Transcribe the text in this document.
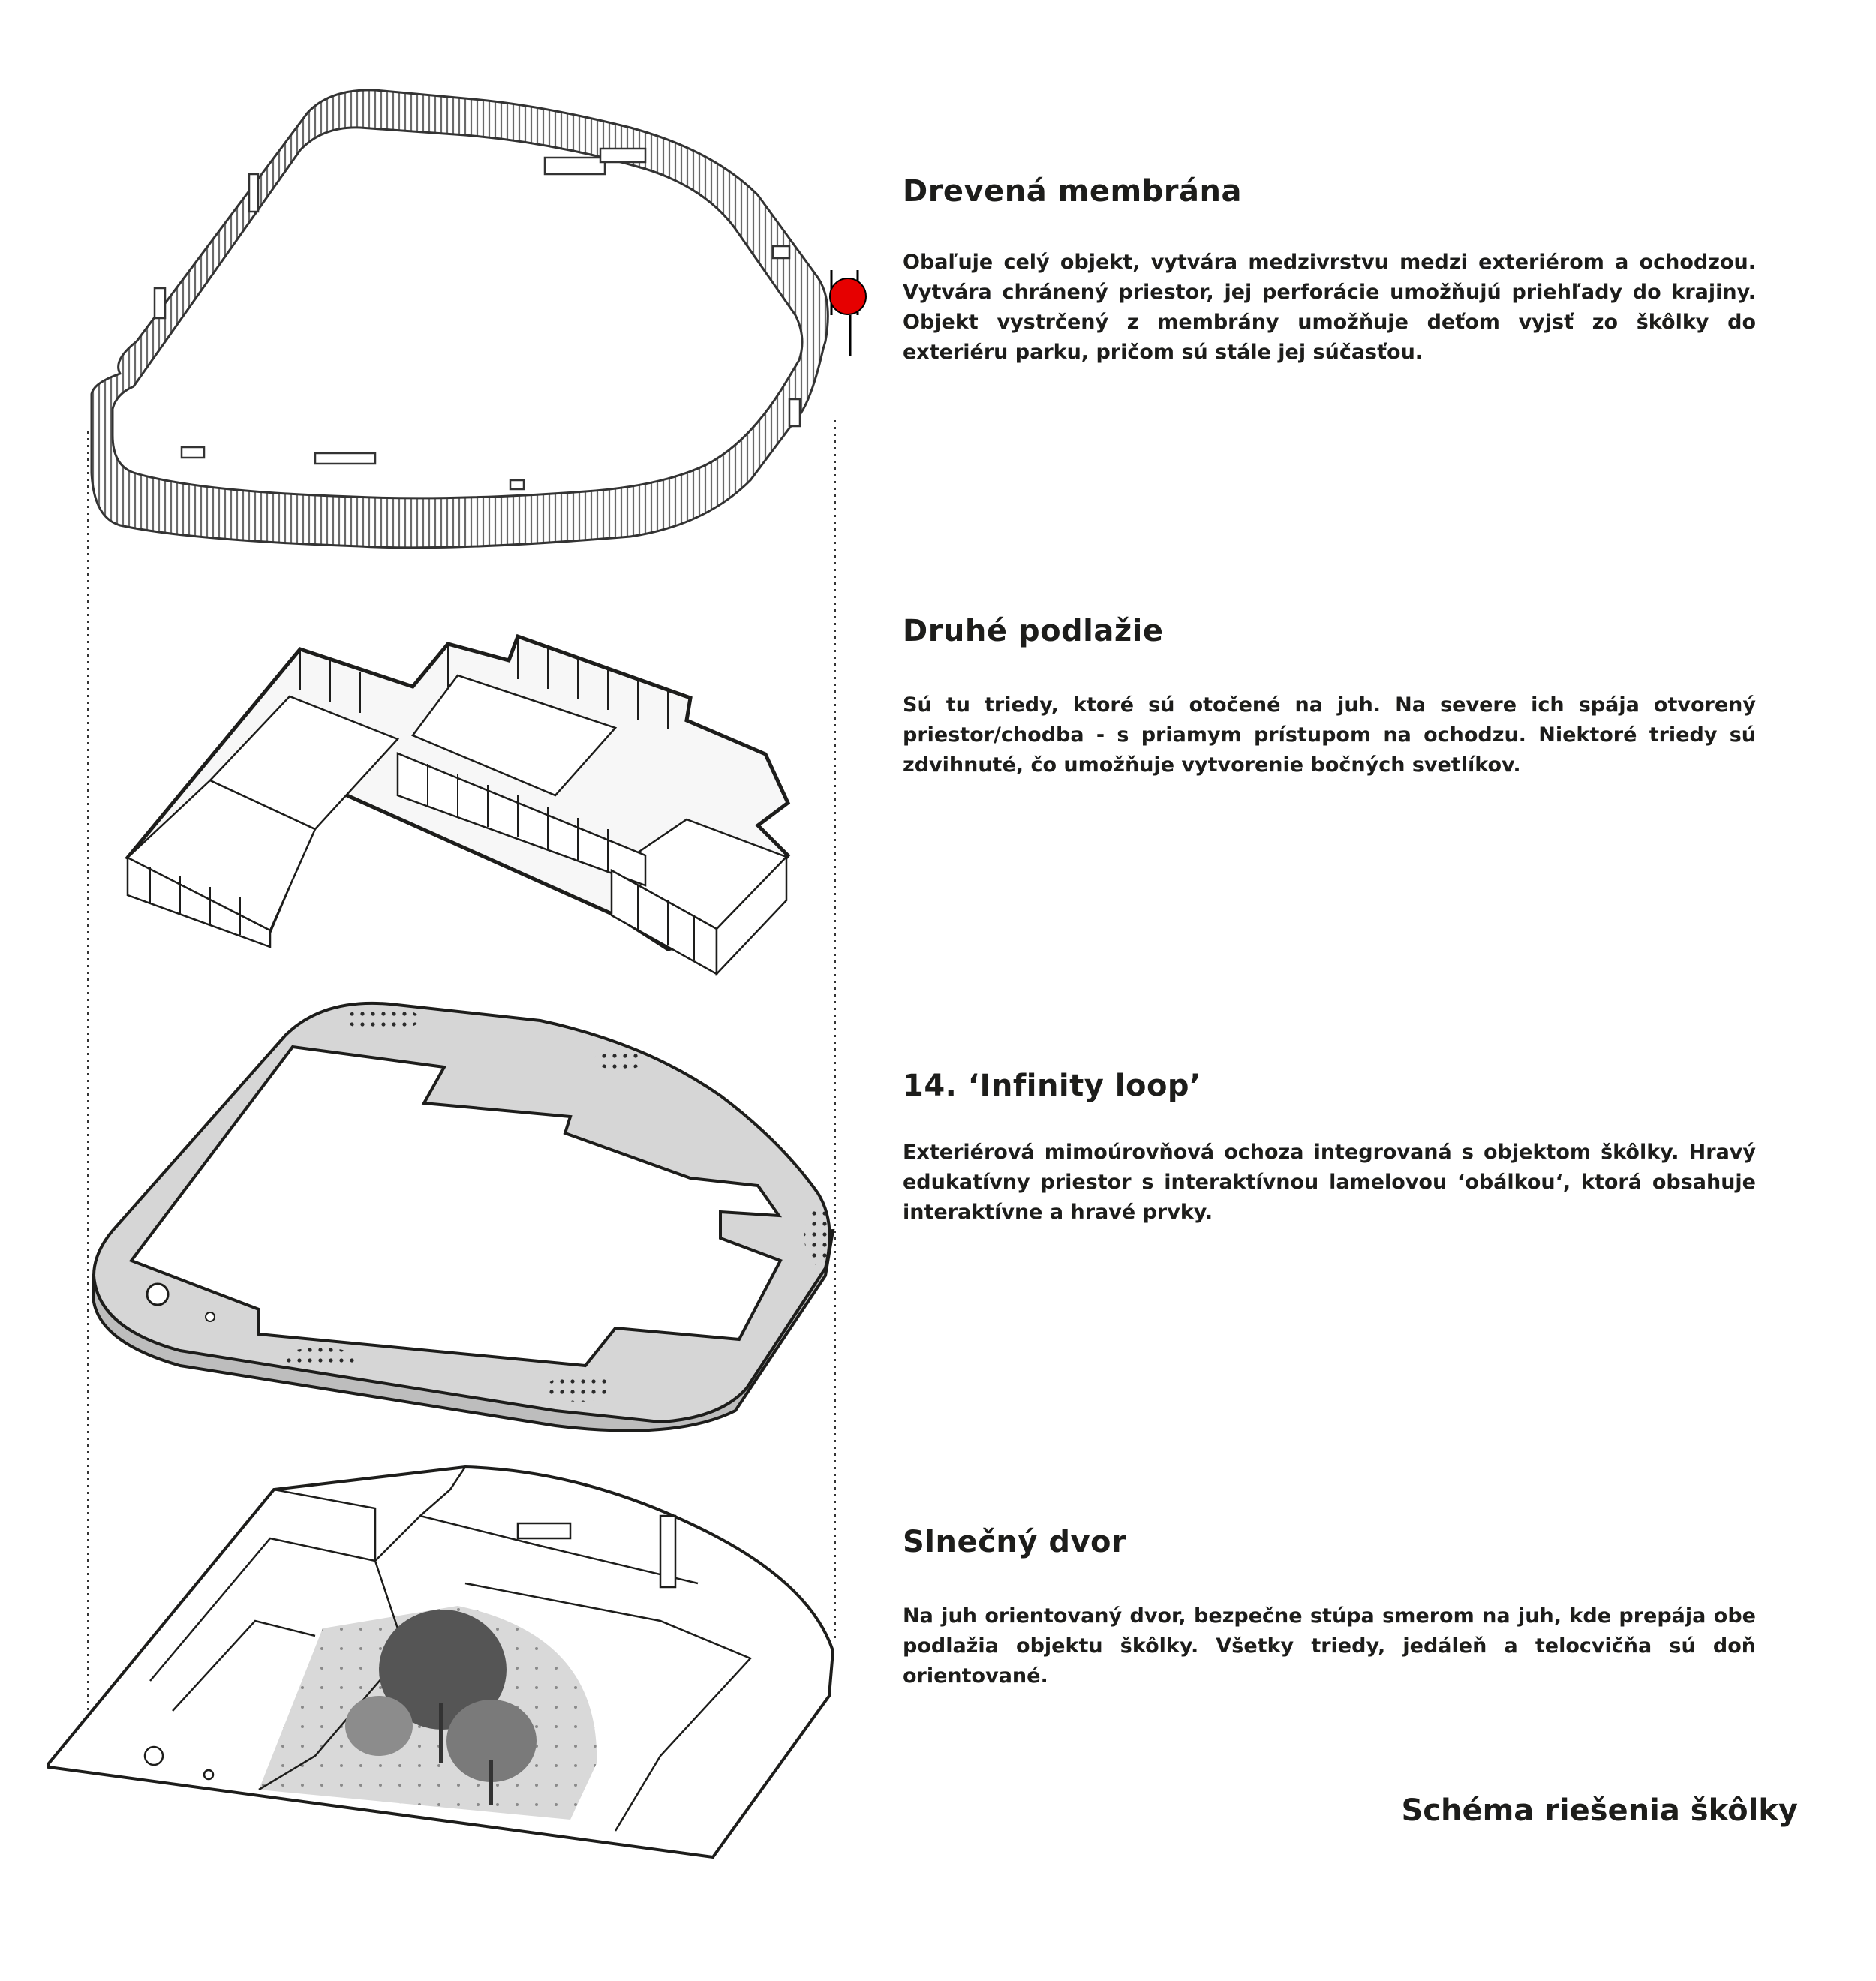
Drevená membrána

Obaľuje celý objekt, vytvára medzivrstvu medzi exteriérom a ochodzou. Vytvára chránený priestor, jej perforácie umožňujú priehľady do krajiny. Objekt vystrčený z membrány umožňuje deťom vyjsť zo škôlky do exteriéru parku, pričom sú stále jej súčasťou.

Druhé podlažie

Sú tu triedy, ktoré sú otočené na juh. Na severe ich spája otvorený priestor/chodba - s priamym prístupom na ochodzu. Niektoré triedy sú zdvihnuté, čo umožňuje vytvorenie bočných svetlíkov.

14. ‘Infinity loop’

Exteriérová mimoúrovňová ochoza integrovaná s objektom škôlky. Hravý edukatívny priestor s interaktívnou lamelovou ‘obálkou‘, ktorá obsahuje interaktívne a hravé prvky.

Slnečný dvor

Na juh orientovaný dvor, bezpečne stúpa smerom na juh, kde prepája obe podlažia objektu škôlky. Všetky triedy, jedáleň a telocvičňa sú doň orientované.

Schéma riešenia škôlky
